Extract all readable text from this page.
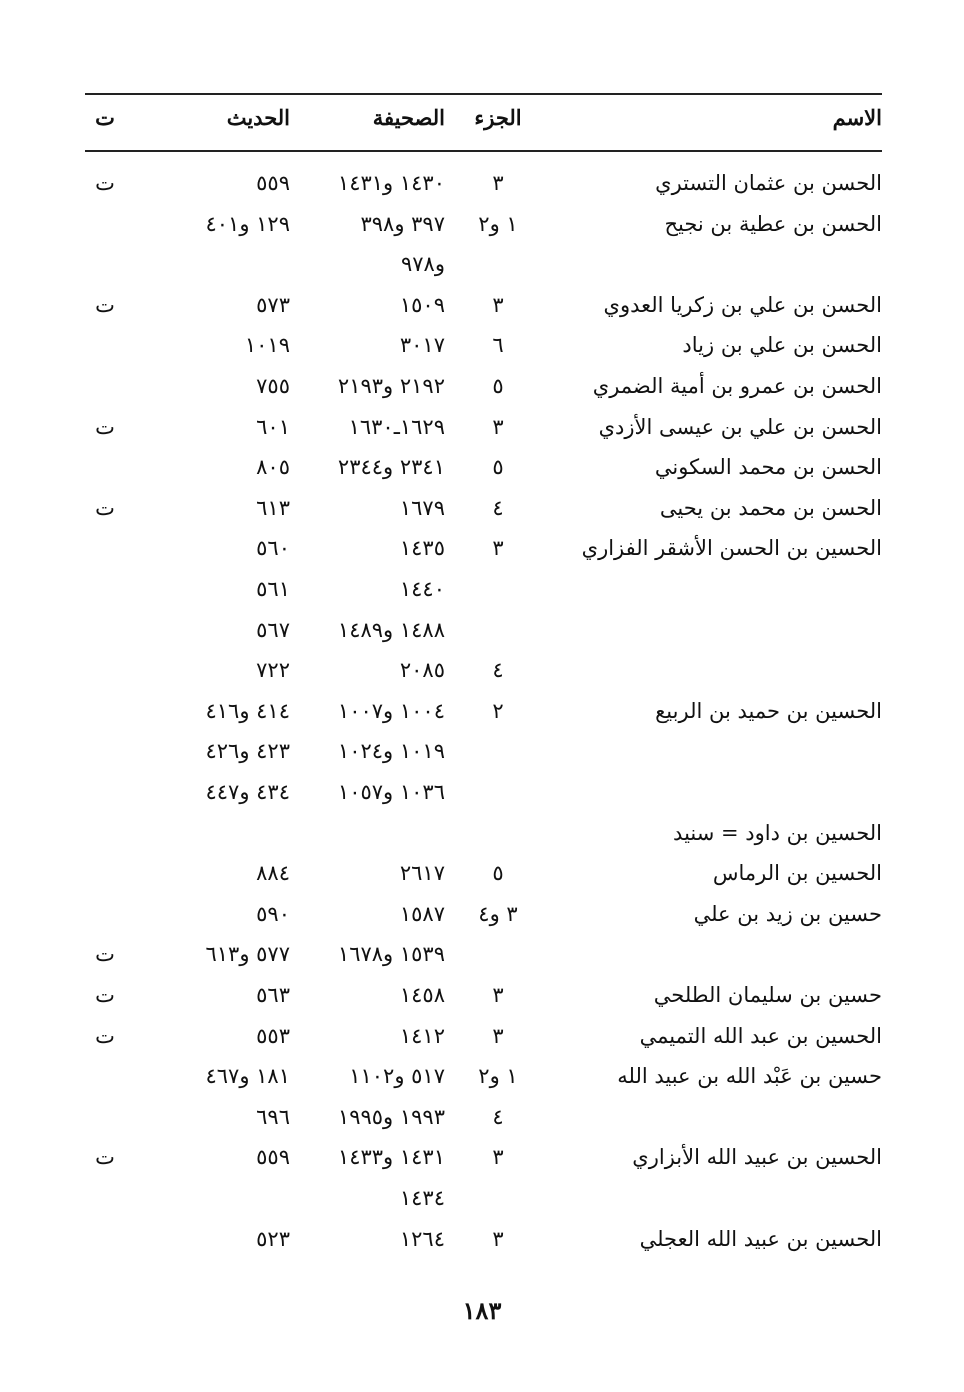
الاسم
الجزء
الصحيفة
الحديث
ت
الحسن بن عثمان التستري
٣
١٤٣٠ و١٤٣١
٥٥٩
ت
الحسن بن عطية بن نجيح
١ و٢
٣٩٧ و٣٩٨
١٢٩ و٤٠١
و٩٧٨
الحسن بن علي بن زكريا العدوي
٣
١٥٠٩
٥٧٣
ت
الحسن بن علي بن زياد
٦
٣٠١٧
١٠١٩
الحسن بن عمرو بن أمية الضمري
٥
٢١٩٢ و٢١٩٣
٧٥٥
الحسن بن علي بن عيسى الأزدي
٣
١٦٢٩ـ١٦٣٠
٦٠١
ت
الحسن بن محمد السكوني
٥
٢٣٤١ و٢٣٤٤
٨٠٥
الحسن بن محمد بن يحيى
٤
١٦٧٩
٦١٣
ت
الحسين بن الحسن الأشقر الفزاري
٣
١٤٣٥
٥٦٠
١٤٤٠
٥٦١
١٤٨٨ و١٤٨٩
٥٦٧
٤
٢٠٨٥
٧٢٢
الحسين بن حميد بن الربيع
٢
١٠٠٤ و١٠٠٧
٤١٤ و٤١٦
١٠١٩ و١٠٢٤
٤٢٣ و٤٢٦
١٠٣٦ و١٠٥٧
٤٣٤ و٤٤٧
الحسين بن داود = سنيد
الحسين بن الرماس
٥
٢٦١٧
٨٨٤
حسين بن زيد بن علي
٣ و٤
١٥٨٧
٥٩٠
١٥٣٩ و١٦٧٨
٥٧٧ و٦١٣
ت
حسين بن سليمان الطلحي
٣
١٤٥٨
٥٦٣
ت
الحسين بن عبد الله التميمي
٣
١٤١٢
٥٥٣
ت
حسين بن عَبْد الله بن عبيد الله
١ و٢
٥١٧ و١١٠٢
١٨١ و٤٦٧
٤
١٩٩٣ و١٩٩٥
٦٩٦
الحسين بن عبيد الله الأبزاري
٣
١٤٣١ و١٤٣٣
٥٥٩
ت
١٤٣٤
الحسين بن عبيد الله العجلي
٣
١٢٦٤
٥٢٣
١٨٣
